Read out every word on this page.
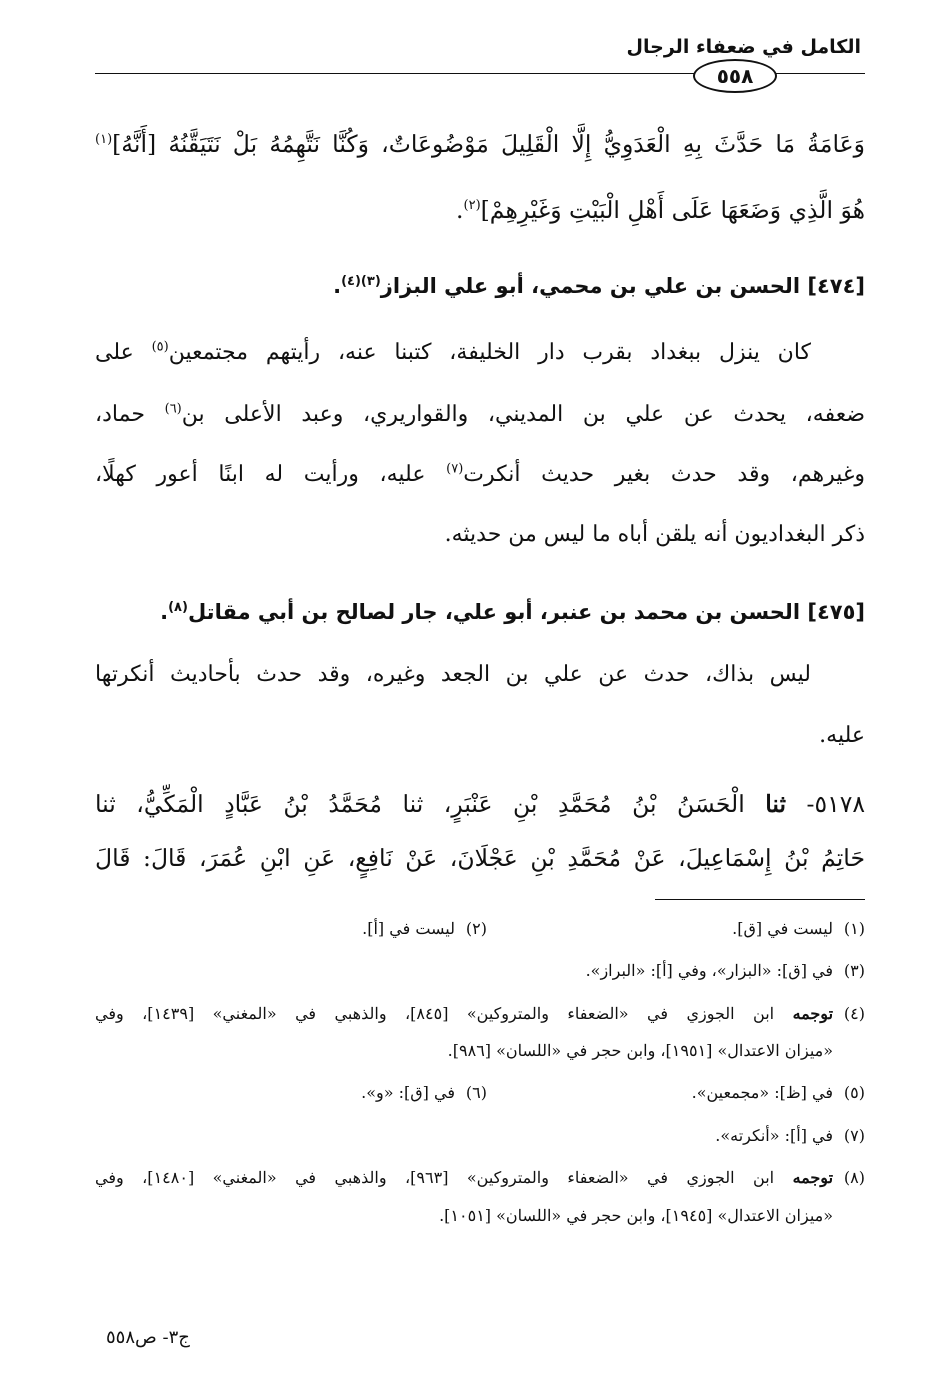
الكامل في ضعفاء الرجال
٥٥٨
وَعَامَةُ مَا حَدَّثَ بِهِ الْعَدَوِيُّ إِلَّا الْقَلِيلَ مَوْضُوعَاتٌ، وَكُنَّا نَتَّهِمُهُ بَلْ نَتَيَقَّنُهُ [أَنَّهُ]$^{(١)}$
هُوَ الَّذِي وَضَعَهَا عَلَى أَهْلِ الْبَيْتِ وَغَيْرِهِمْ]$^{(٢)}$.
[٤٧٤] الحسن بن علي بن محمي، أبو علي البزاز$^{(٣)(٤)}$.
كان ينزل ببغداد بقرب دار الخليفة، كتبنا عنه، رأيتهم مجتمعين$^{(٥)}$ على
ضعفه، يحدث عن علي بن المديني، والقواريري، وعبد الأعلى بن$^{(٦)}$ حماد،
وغيرهم، وقد حدث بغير حديث أنكرت$^{(٧)}$ عليه، ورأيت له ابنًا أعور كهلًا،
ذكر البغداديون أنه يلقن أباه ما ليس من حديثه.
[٤٧٥] الحسن بن محمد بن عنبر، أبو علي، جار لصالح بن أبي مقاتل$^{(٨)}$.
ليس بذاك، حدث عن علي بن الجعد وغيره، وقد حدث بأحاديث أنكرتها
عليه.
٥١٧٨- ثنا الْحَسَنُ بْنُ مُحَمَّدِ بْنِ عَنْبَرٍ، ثنا مُحَمَّدُ بْنُ عَبَّادٍ الْمَكِّيُّ، ثنا
حَاتِمُ بْنُ إِسْمَاعِيلَ، عَنْ مُحَمَّدِ بْنِ عَجْلَانَ، عَنْ نَافِعٍ، عَنِ ابْنِ عُمَرَ، قَالَ: قَالَ
(١)ليست في [ق].
(٢)ليست في [أ].
(٣)في [ق]: «البزار»، وفي [أ]: «البراز».
(٤)توجمه ابن الجوزي في «الضعفاء والمتروكين» [٨٤٥]، والذهبي في «المغني» [١٤٣٩]، وفي
«ميزان الاعتدال» [١٩٥١]، وابن حجر في «اللسان» [٩٨٦].
(٥)في [ظ]: «مجمعين».
(٦)في [ق]: «و».
(٧)في [أ]: «أنكرته».
(٨)توجمه ابن الجوزي في «الضعفاء والمتروكين» [٩٦٣]، والذهبي في «المغني» [١٤٨٠]، وفي
«ميزان الاعتدال» [١٩٤٥]، وابن حجر في «اللسان» [١٠٥١].
ج٣- ص٥٥٨
